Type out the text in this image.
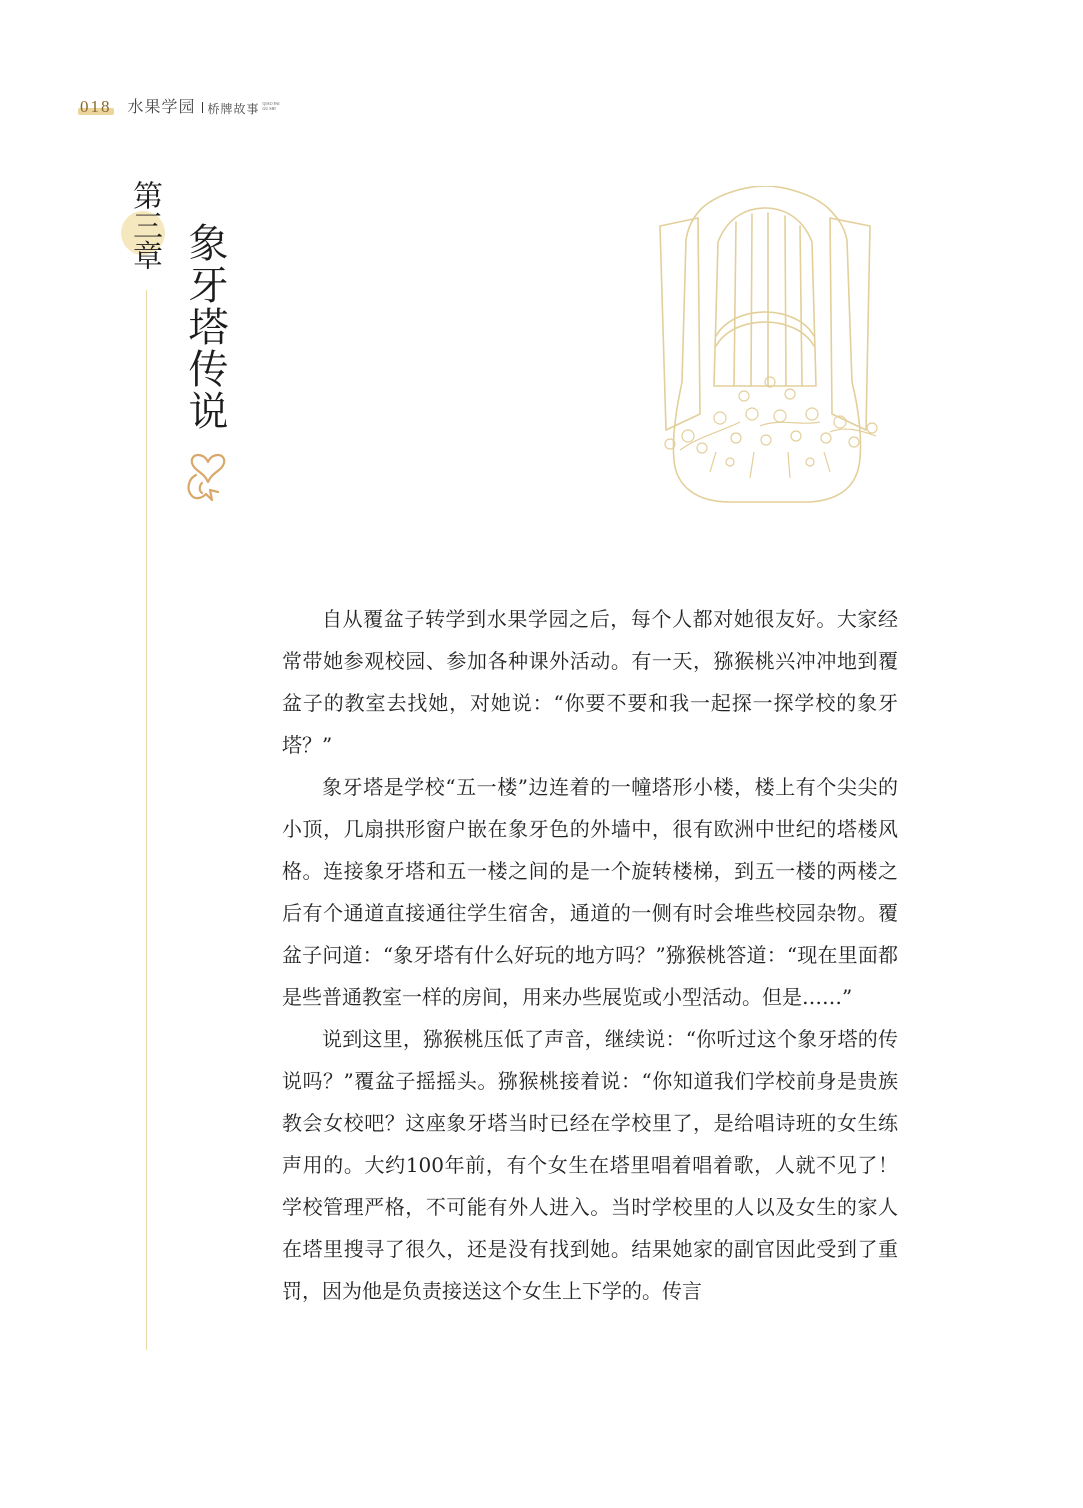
018 水果学园 桥牌故事 QIAO PAI GU SHI
第三章 象牙塔传说

自从覆盆子转学到水果学园之后，每个人都对她很友好。大家经常带她参观校园、参加各种课外活动。有一天，猕猴桃兴冲冲地到覆盆子的教室去找她，对她说：“你要不要和我一起探一探学校的象牙塔？”

象牙塔是学校“五一楼”边连着的一幢塔形小楼，楼上有个尖尖的小顶，几扇拱形窗户嵌在象牙色的外墙中，很有欧洲中世纪的塔楼风格。连接象牙塔和五一楼之间的是一个旋转楼梯，到五一楼的两楼之后有个通道直接通往学生宿舍，通道的一侧有时会堆些校园杂物。覆盆子问道：“象牙塔有什么好玩的地方吗？”猕猴桃答道：“现在里面都是些普通教室一样的房间，用来办些展览或小型活动。但是……”

说到这里，猕猴桃压低了声音，继续说：“你听过这个象牙塔的传说吗？”覆盆子摇摇头。猕猴桃接着说：“你知道我们学校前身是贵族教会女校吧？这座象牙塔当时已经在学校里了，是给唱诗班的女生练声用的。大约100年前，有个女生在塔里唱着唱着歌，人就不见了！学校管理严格，不可能有外人进入。当时学校里的人以及女生的家人在塔里搜寻了很久，还是没有找到她。结果她家的副官因此受到了重罚，因为他是负责接送这个女生上下学的。传言
